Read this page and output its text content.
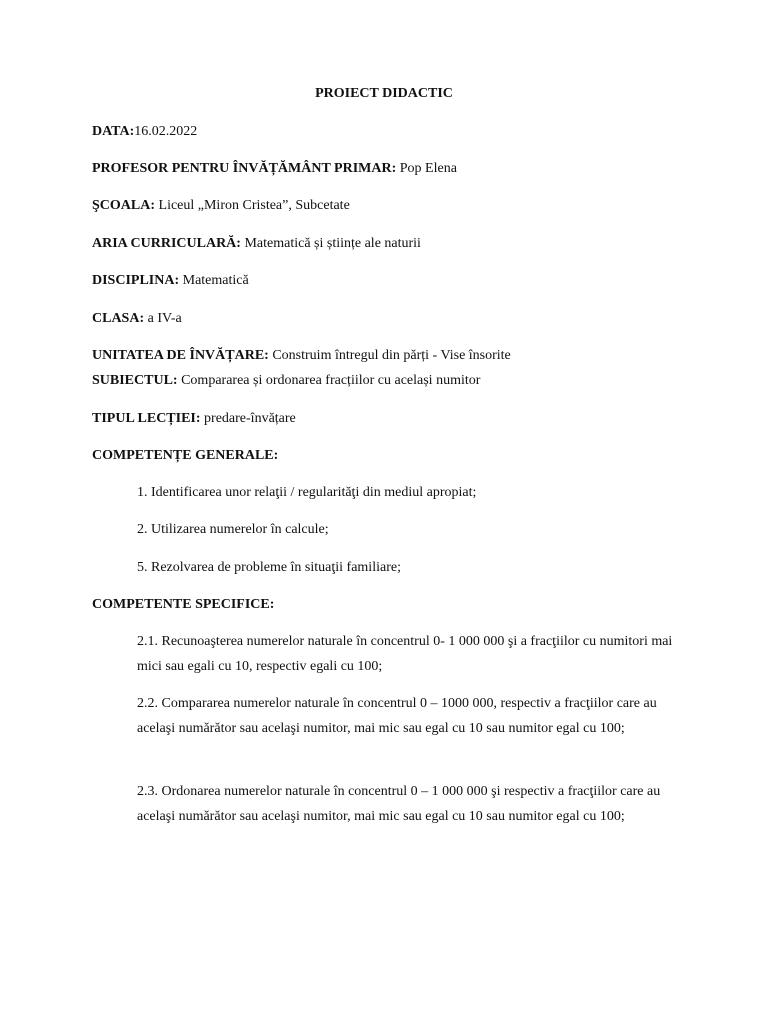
PROIECT DIDACTIC
DATA:16.02.2022
PROFESOR PENTRU ÎNVĂȚĂMÂNT PRIMAR: Pop Elena
ŞCOALA: Liceul „Miron Cristea”, Subcetate
ARIA CURRICULARĂ: Matematică și științe ale naturii
DISCIPLINA: Matematică
CLASA: a IV-a
UNITATEA DE ÎNVĂȚARE: Construim întregul din părți - Vise însorite
SUBIECTUL: Compararea și ordonarea fracțiilor cu același numitor
TIPUL LECȚIEI: predare-învățare
COMPETENȚE GENERALE:
1. Identificarea unor relaţii / regularităţi din mediul apropiat;
2. Utilizarea numerelor în calcule;
5. Rezolvarea de probleme în situaţii familiare;
COMPETENTE SPECIFICE:
2.1. Recunoaşterea numerelor naturale în concentrul 0- 1 000 000 şi a fracţiilor cu numitori mai mici sau egali cu 10, respectiv egali cu 100;
2.2. Compararea numerelor naturale în concentrul 0 – 1000 000, respectiv a fracţiilor care au acelaşi numărător sau acelaşi numitor, mai mic sau egal cu 10 sau numitor egal cu 100;
2.3. Ordonarea numerelor naturale în concentrul 0 – 1 000 000 şi respectiv a fracţiilor care au acelaşi numărător sau acelaşi numitor, mai mic sau egal cu 10 sau numitor egal cu 100;
